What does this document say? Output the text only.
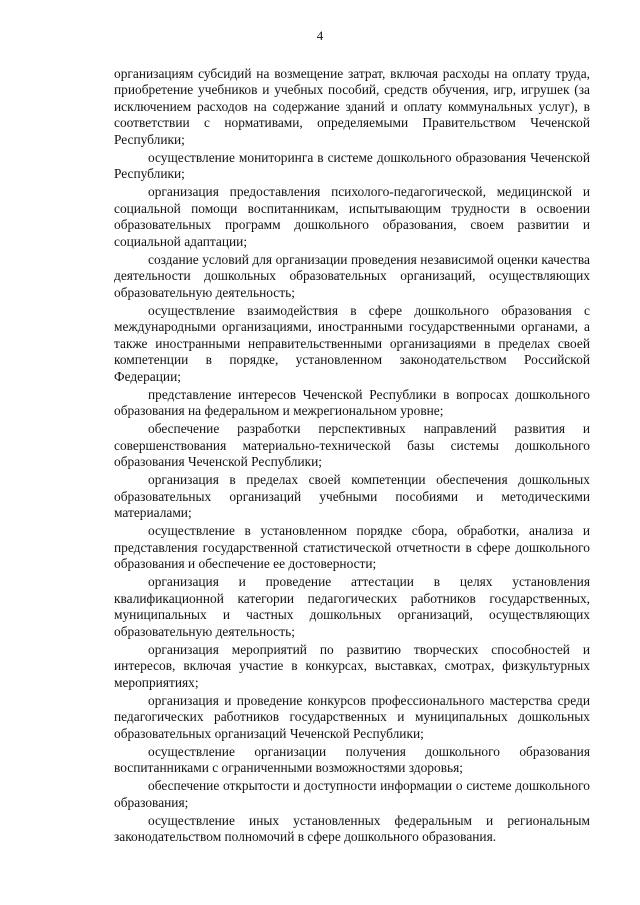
4

организациям субсидий на возмещение затрат, включая расходы на оплату труда, приобретение учебников и учебных пособий, средств обучения, игр, игрушек (за исключением расходов на содержание зданий и оплату коммунальных услуг), в соответствии с нормативами, определяемыми Правительством Чеченской Республики;

осуществление мониторинга в системе дошкольного образования Чеченской Республики;

организация предоставления психолого-педагогической, медицинской и социальной помощи воспитанникам, испытывающим трудности в освоении образовательных программ дошкольного образования, своем развитии и социальной адаптации;

создание условий для организации проведения независимой оценки качества деятельности дошкольных образовательных организаций, осуществляющих образовательную деятельность;

осуществление взаимодействия в сфере дошкольного образования с международными организациями, иностранными государственными органами, а также иностранными неправительственными организациями в пределах своей компетенции в порядке, установленном законодательством Российской Федерации;

представление интересов Чеченской Республики в вопросах дошкольного образования на федеральном и межрегиональном уровне;

обеспечение разработки перспективных направлений развития и совершенствования материально-технической базы системы дошкольного образования Чеченской Республики;

организация в пределах своей компетенции обеспечения дошкольных образовательных организаций учебными пособиями и методическими материалами;

осуществление в установленном порядке сбора, обработки, анализа и представления государственной статистической отчетности в сфере дошкольного образования и обеспечение ее достоверности;

организация и проведение аттестации в целях установления квалификационной категории педагогических работников государственных, муниципальных и частных дошкольных организаций, осуществляющих образовательную деятельность;

организация мероприятий по развитию творческих способностей и интересов, включая участие в конкурсах, выставках, смотрах, физкультурных мероприятиях;

организация и проведение конкурсов профессионального мастерства среди педагогических работников государственных и муниципальных дошкольных образовательных организаций Чеченской Республики;

осуществление организации получения дошкольного образования воспитанниками с ограниченными возможностями здоровья;

обеспечение открытости и доступности информации о системе дошкольного образования;

осуществление иных установленных федеральным и региональным законодательством полномочий в сфере дошкольного образования.
